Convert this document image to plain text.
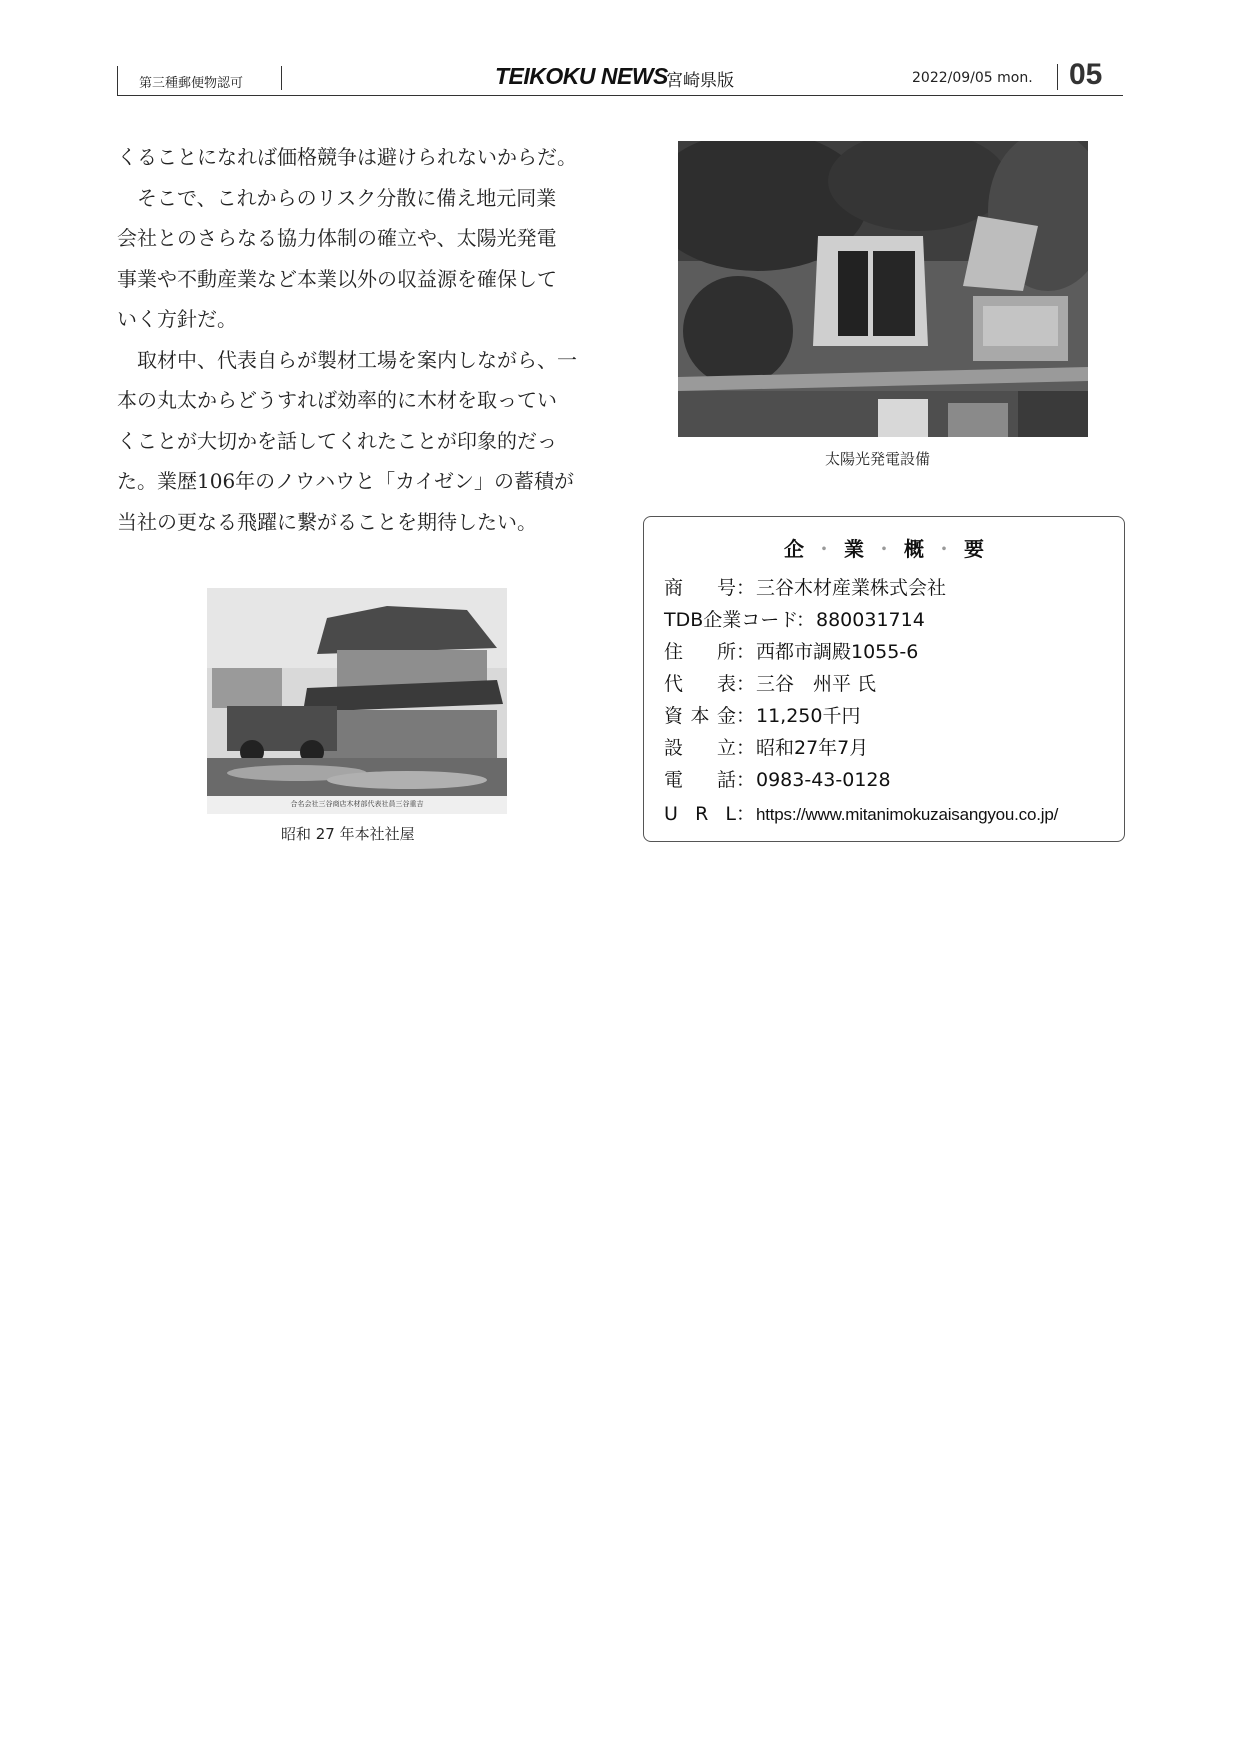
第三種郵便物認可	TEIKOKU NEWS
宮崎県版	2022/09/05 mon. 05
くることになれば価格競争は避けられないからだ。
　そこで、これからのリスク分散に備え地元同業
会社とのさらなる協力体制の確立や、太陽光発電
事業や不動産業など本業以外の収益源を確保して
いく方針だ。
　取材中、代表自らが製材工場を案内しながら、一
本の丸太からどうすれば効率的に木材を取ってい
くことが大切かを話してくれたことが印象的だっ
た。業歴106年のノウハウと「カイゼン」の蓄積が
当社の更なる飛躍に繋がることを期待したい。
太陽光発電設備
合名会社三谷商店木材部代表社員三谷重吉
昭和 27 年本社社屋
企 ・ 業 ・ 概 ・ 要
商 号 ：三谷木材産業株式会社
TDB企業コード：880031714
住 所 ：西都市調殿1055-6
代 表 ：三谷　州平 氏
資 本 金 ：11,250千円
設 立 ：昭和27年7月
電 話 ：0983-43-0128
U R L ：https://www.mitanimokuzaisangyou.co.jp/
